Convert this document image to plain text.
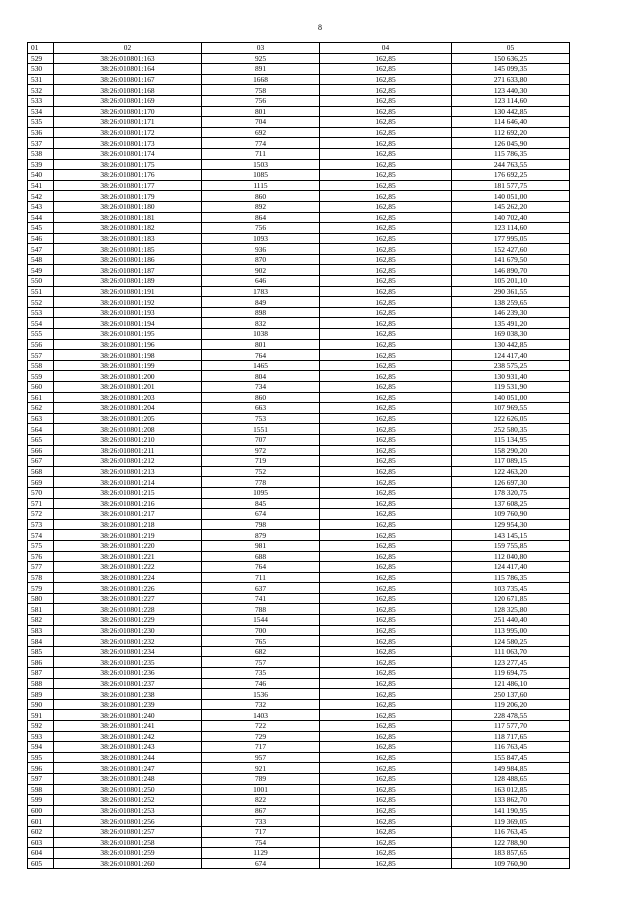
8
01	02	03	04	05
529	38:26:010801:163	925	162,85	150 636,25
530	38:26:010801:164	891	162,85	145 099,35
531	38:26:010801:167	1668	162,85	271 633,80
532	38:26:010801:168	758	162,85	123 440,30
533	38:26:010801:169	756	162,85	123 114,60
534	38:26:010801:170	801	162,85	130 442,85
535	38:26:010801:171	704	162,85	114 646,40
536	38:26:010801:172	692	162,85	112 692,20
537	38:26:010801:173	774	162,85	126 045,90
538	38:26:010801:174	711	162,85	115 786,35
539	38:26:010801:175	1503	162,85	244 763,55
540	38:26:010801:176	1085	162,85	176 692,25
541	38:26:010801:177	1115	162,85	181 577,75
542	38:26:010801:179	860	162,85	140 051,00
543	38:26:010801:180	892	162,85	145 262,20
544	38:26:010801:181	864	162,85	140 702,40
545	38:26:010801:182	756	162,85	123 114,60
546	38:26:010801:183	1093	162,85	177 995,05
547	38:26:010801:185	936	162,85	152 427,60
548	38:26:010801:186	870	162,85	141 679,50
549	38:26:010801:187	902	162,85	146 890,70
550	38:26:010801:189	646	162,85	105 201,10
551	38:26:010801:191	1783	162,85	290 361,55
552	38:26:010801:192	849	162,85	138 259,65
553	38:26:010801:193	898	162,85	146 239,30
554	38:26:010801:194	832	162,85	135 491,20
555	38:26:010801:195	1038	162,85	169 038,30
556	38:26:010801:196	801	162,85	130 442,85
557	38:26:010801:198	764	162,85	124 417,40
558	38:26:010801:199	1465	162,85	238 575,25
559	38:26:010801:200	804	162,85	130 931,40
560	38:26:010801:201	734	162,85	119 531,90
561	38:26:010801:203	860	162,85	140 051,00
562	38:26:010801:204	663	162,85	107 969,55
563	38:26:010801:205	753	162,85	122 626,05
564	38:26:010801:208	1551	162,85	252 580,35
565	38:26:010801:210	707	162,85	115 134,95
566	38:26:010801:211	972	162,85	158 290,20
567	38:26:010801:212	719	162,85	117 089,15
568	38:26:010801:213	752	162,85	122 463,20
569	38:26:010801:214	778	162,85	126 697,30
570	38:26:010801:215	1095	162,85	178 320,75
571	38:26:010801:216	845	162,85	137 608,25
572	38:26:010801:217	674	162,85	109 760,90
573	38:26:010801:218	798	162,85	129 954,30
574	38:26:010801:219	879	162,85	143 145,15
575	38:26:010801:220	981	162,85	159 755,85
576	38:26:010801:221	688	162,85	112 040,80
577	38:26:010801:222	764	162,85	124 417,40
578	38:26:010801:224	711	162,85	115 786,35
579	38:26:010801:226	637	162,85	103 735,45
580	38:26:010801:227	741	162,85	120 671,85
581	38:26:010801:228	788	162,85	128 325,80
582	38:26:010801:229	1544	162,85	251 440,40
583	38:26:010801:230	700	162,85	113 995,00
584	38:26:010801:232	765	162,85	124 580,25
585	38:26:010801:234	682	162,85	111 063,70
586	38:26:010801:235	757	162,85	123 277,45
587	38:26:010801:236	735	162,85	119 694,75
588	38:26:010801:237	746	162,85	121 486,10
589	38:26:010801:238	1536	162,85	250 137,60
590	38:26:010801:239	732	162,85	119 206,20
591	38:26:010801:240	1403	162,85	228 478,55
592	38:26:010801:241	722	162,85	117 577,70
593	38:26:010801:242	729	162,85	118 717,65
594	38:26:010801:243	717	162,85	116 763,45
595	38:26:010801:244	957	162,85	155 847,45
596	38:26:010801:247	921	162,85	149 984,85
597	38:26:010801:248	789	162,85	128 488,65
598	38:26:010801:250	1001	162,85	163 012,85
599	38:26:010801:252	822	162,85	133 862,70
600	38:26:010801:253	867	162,85	141 190,95
601	38:26:010801:256	733	162,85	119 369,05
602	38:26:010801:257	717	162,85	116 763,45
603	38:26:010801:258	754	162,85	122 788,90
604	38:26:010801:259	1129	162,85	183 857,65
605	38:26:010801:260	674	162,85	109 760,90
